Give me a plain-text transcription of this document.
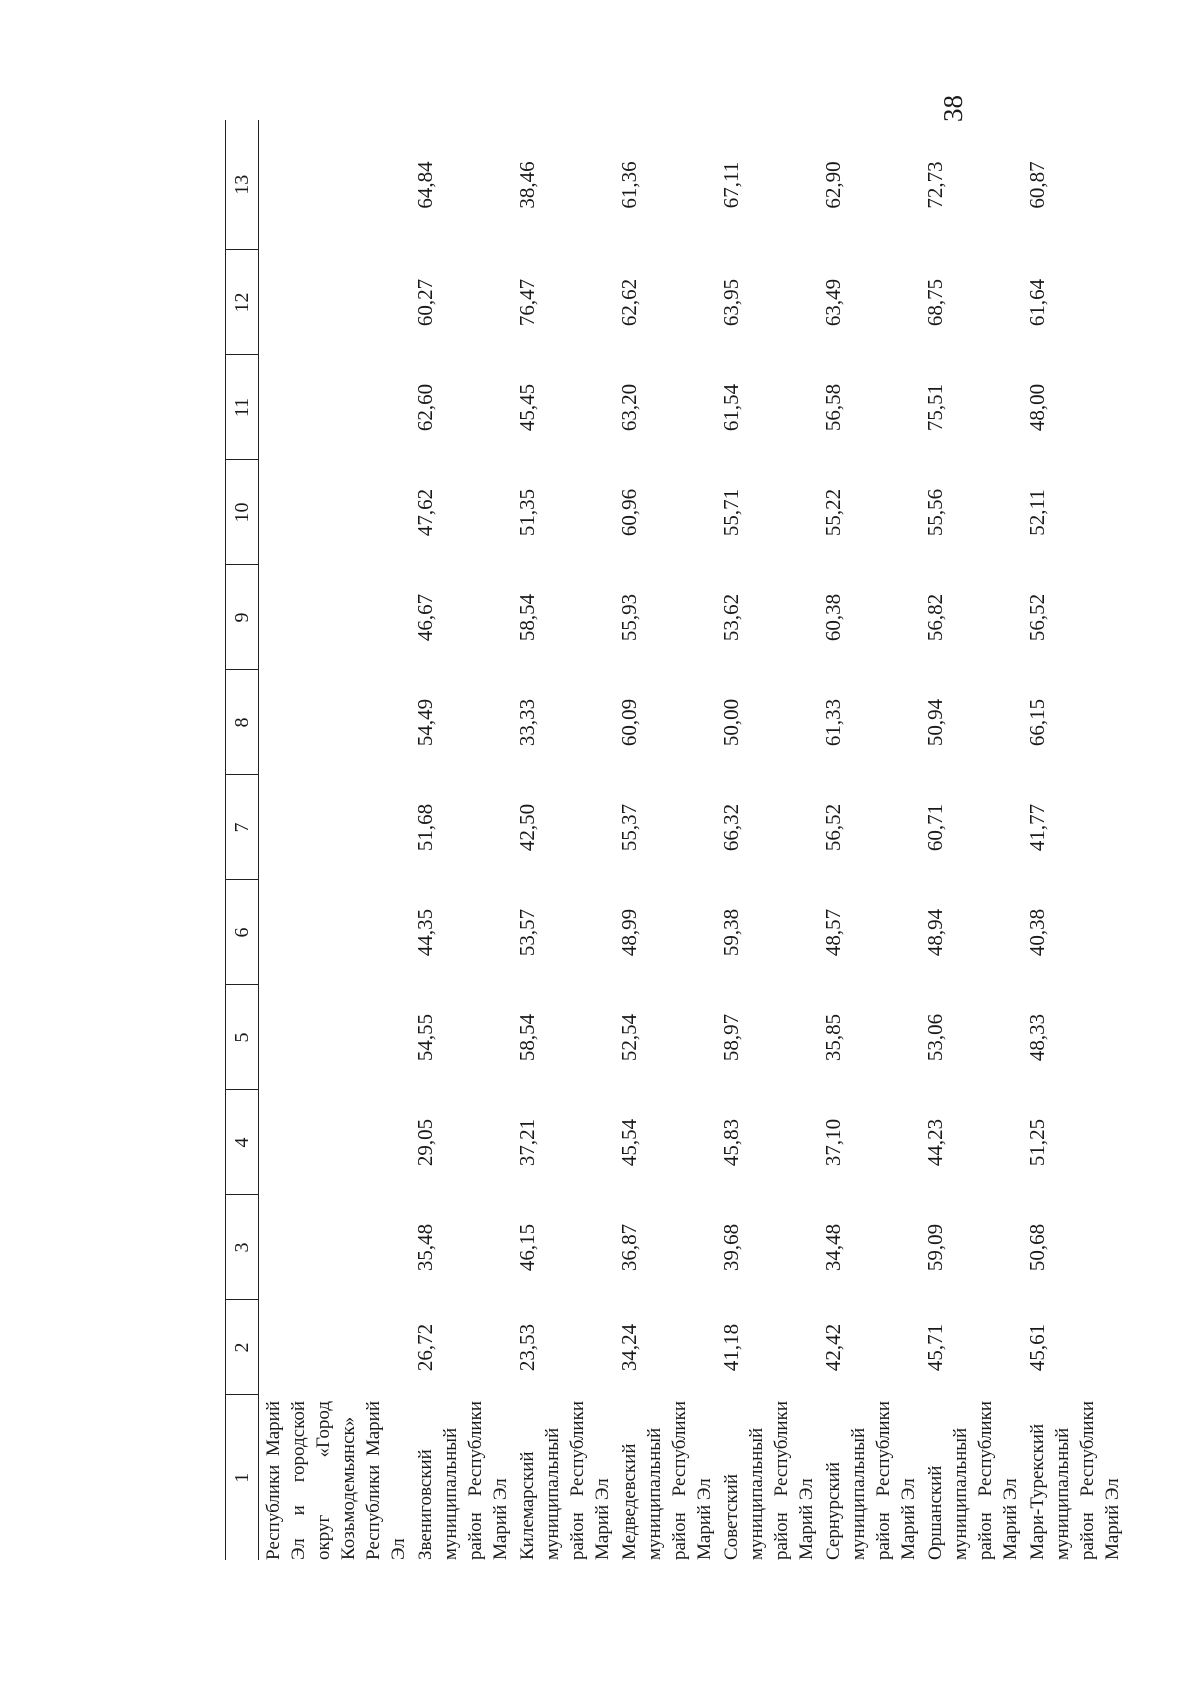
38
1	2	3	4	5	6	7	8	9	10	11	12	13
Республики Марий Эл и городской округ «Город Козьмодемьянск» Республики Марий Эл												
Звениговский муниципальный район Республики Марий Эл	26,72	35,48	29,05	54,55	44,35	51,68	54,49	46,67	47,62	62,60	60,27	64,84
Килемарский муниципальный район Республики Марий Эл	23,53	46,15	37,21	58,54	53,57	42,50	33,33	58,54	51,35	45,45	76,47	38,46
Медведевский муниципальный район Республики Марий Эл	34,24	36,87	45,54	52,54	48,99	55,37	60,09	55,93	60,96	63,20	62,62	61,36
Советский муниципальный район Республики Марий Эл	41,18	39,68	45,83	58,97	59,38	66,32	50,00	53,62	55,71	61,54	63,95	67,11
Сернурский муниципальный район Республики Марий Эл	42,42	34,48	37,10	35,85	48,57	56,52	61,33	60,38	55,22	56,58	63,49	62,90
Оршанский муниципальный район Республики Марий Эл	45,71	59,09	44,23	53,06	48,94	60,71	50,94	56,82	55,56	75,51	68,75	72,73
Мари-Турекский муниципальный район Республики Марий Эл	45,61	50,68	51,25	48,33	40,38	41,77	66,15	56,52	52,11	48,00	61,64	60,87
